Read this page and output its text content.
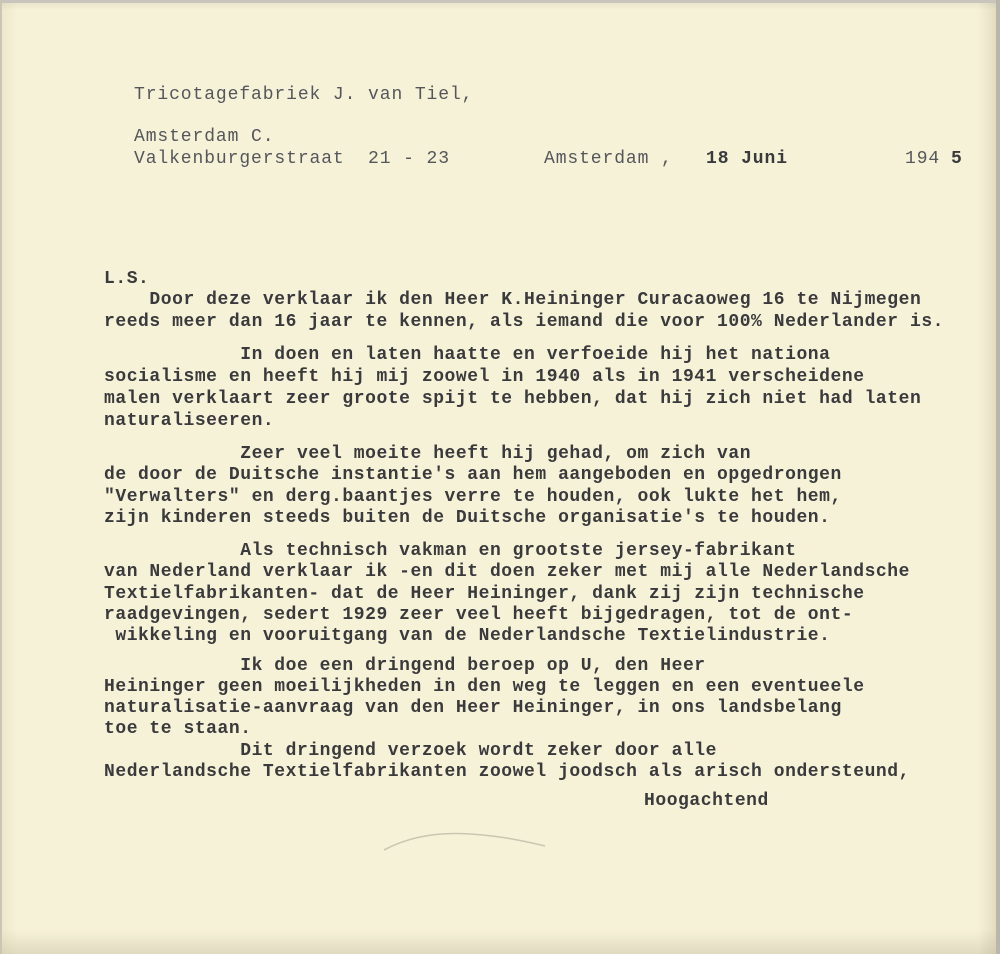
Tricotagefabriek J. van Tiel,
Amsterdam C.
Valkenburgerstraat  21 - 23	Amsterdam , 18 Juni	194 5
L.S.
Door deze verklaar ik den Heer K.Heininger Curacaoweg 16 te Nijmegen
reeds meer dan 16 jaar te kennen, als iemand die voor 100% Nederlander is.
In doen en laten haatte en verfoeide hij het nationa
socialisme en heeft hij mij zoowel in 1940 als in 1941 verscheidene
malen verklaart zeer groote spijt te hebben, dat hij zich niet had laten
naturaliseeren.
Zeer veel moeite heeft hij gehad, om zich van
de door de Duitsche instantie's aan hem aangeboden en opgedrongen
"Verwalters" en derg.baantjes verre te houden, ook lukte het hem,
zijn kinderen steeds buiten de Duitsche organisatie's te houden.
Als technisch vakman en grootste jersey-fabrikant
van Nederland verklaar ik -en dit doen zeker met mij alle Nederlandsche
Textielfabrikanten- dat de Heer Heininger, dank zij zijn technische
raadgevingen, sedert 1929 zeer veel heeft bijgedragen, tot de ont-
wikkeling en vooruitgang van de Nederlandsche Textielindustrie.
Ik doe een dringend beroep op U, den Heer
Heininger geen moeilijkheden in den weg te leggen en een eventueele
naturalisatie-aanvraag van den Heer Heininger, in ons landsbelang
toe te staan.
Dit dringend verzoek wordt zeker door alle
Nederlandsche Textielfabrikanten zoowel joodsch als arisch ondersteund,
Hoogachtend
